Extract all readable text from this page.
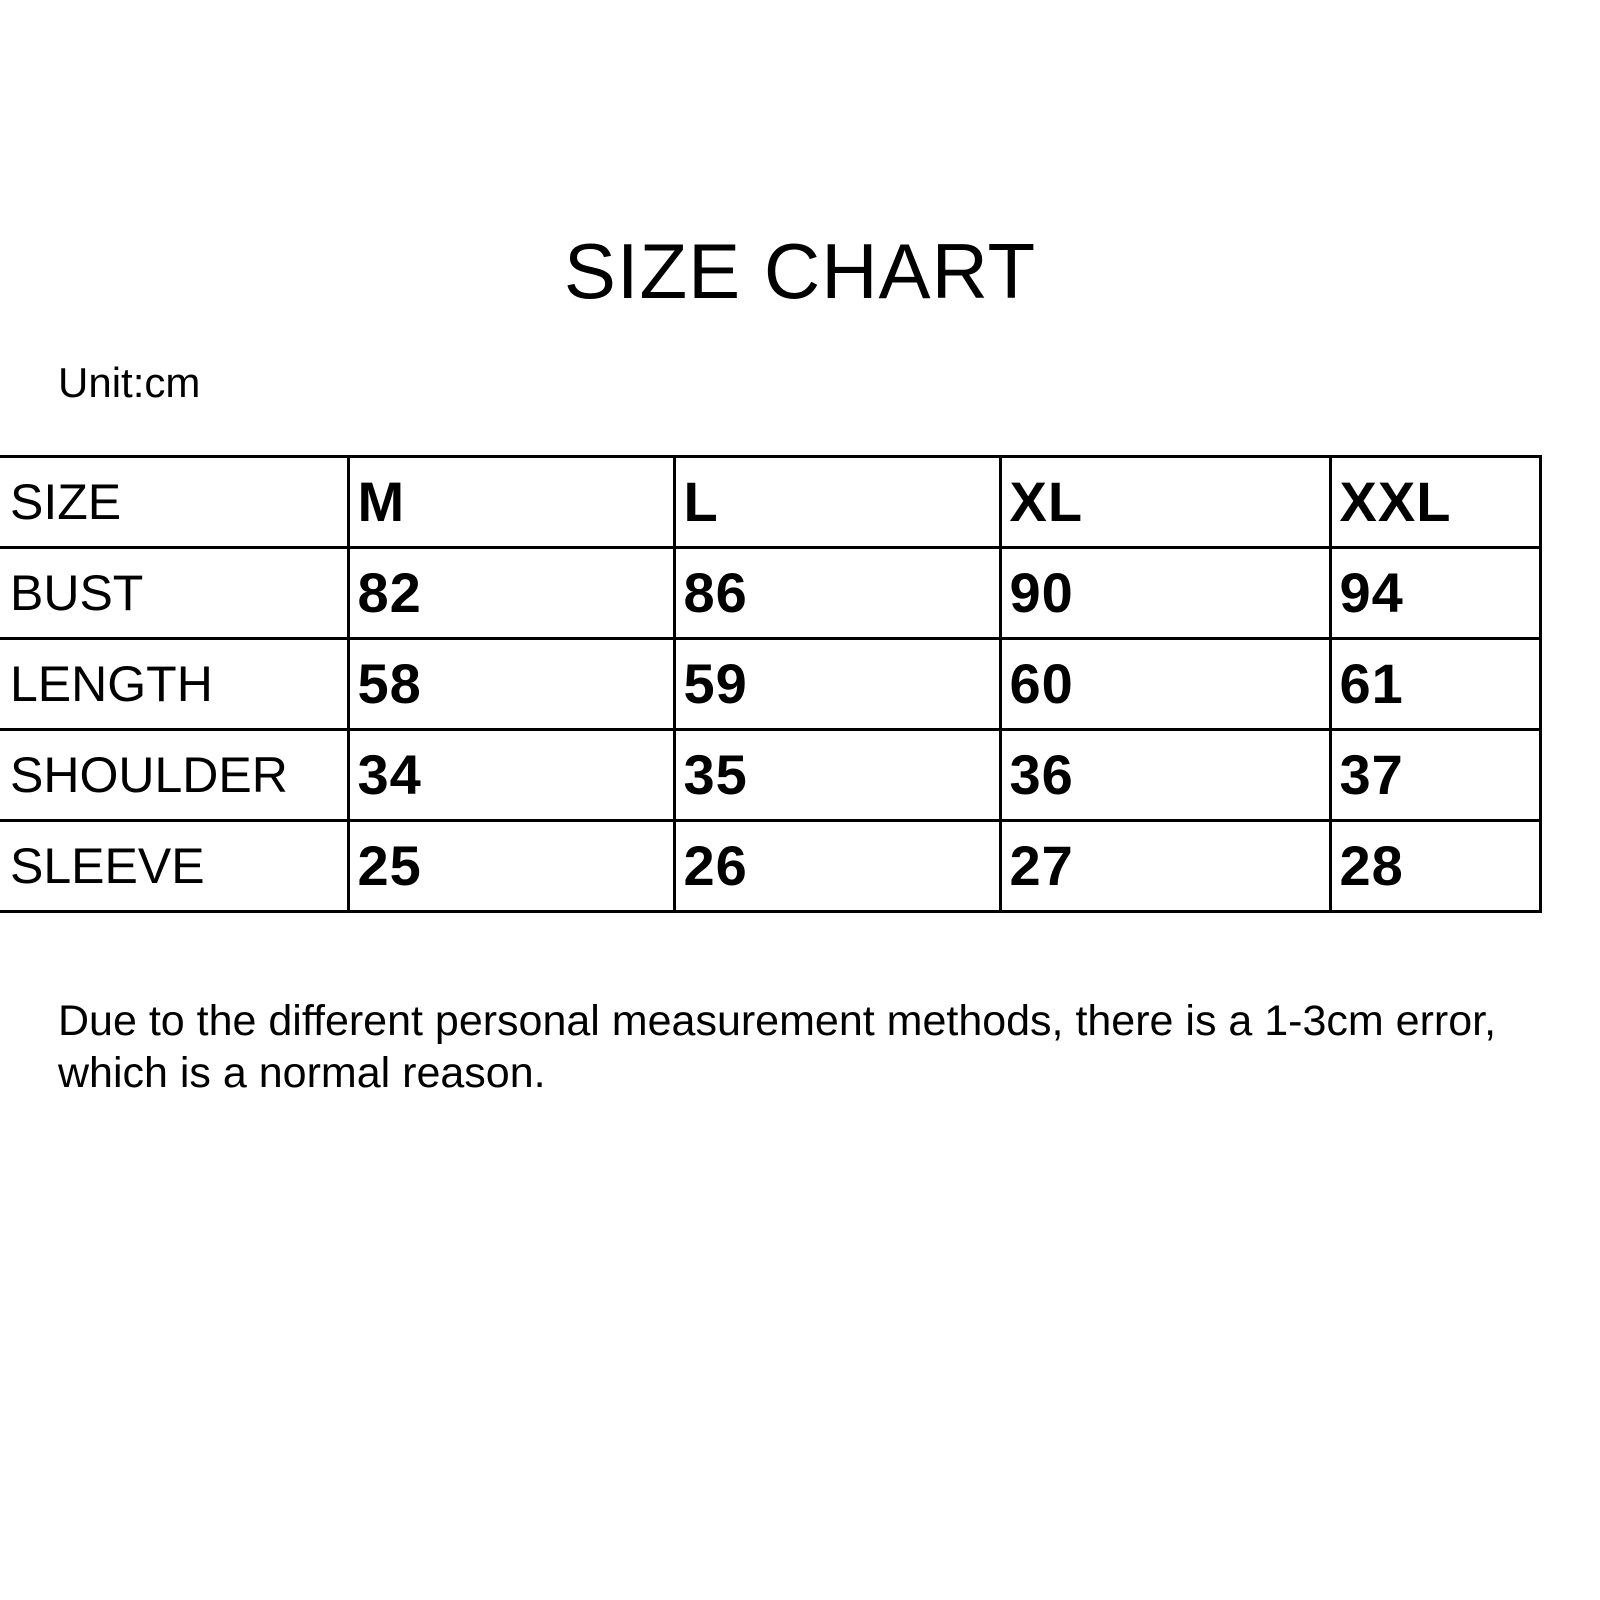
SIZE CHART
Unit:cm
SIZE	M	L	XL	XXL
BUST	82	86	90	94
LENGTH	58	59	60	61
SHOULDER	34	35	36	37
SLEEVE	25	26	27	28
Due to the different personal measurement methods, there is a 1-3cm error, which is a normal reason.
